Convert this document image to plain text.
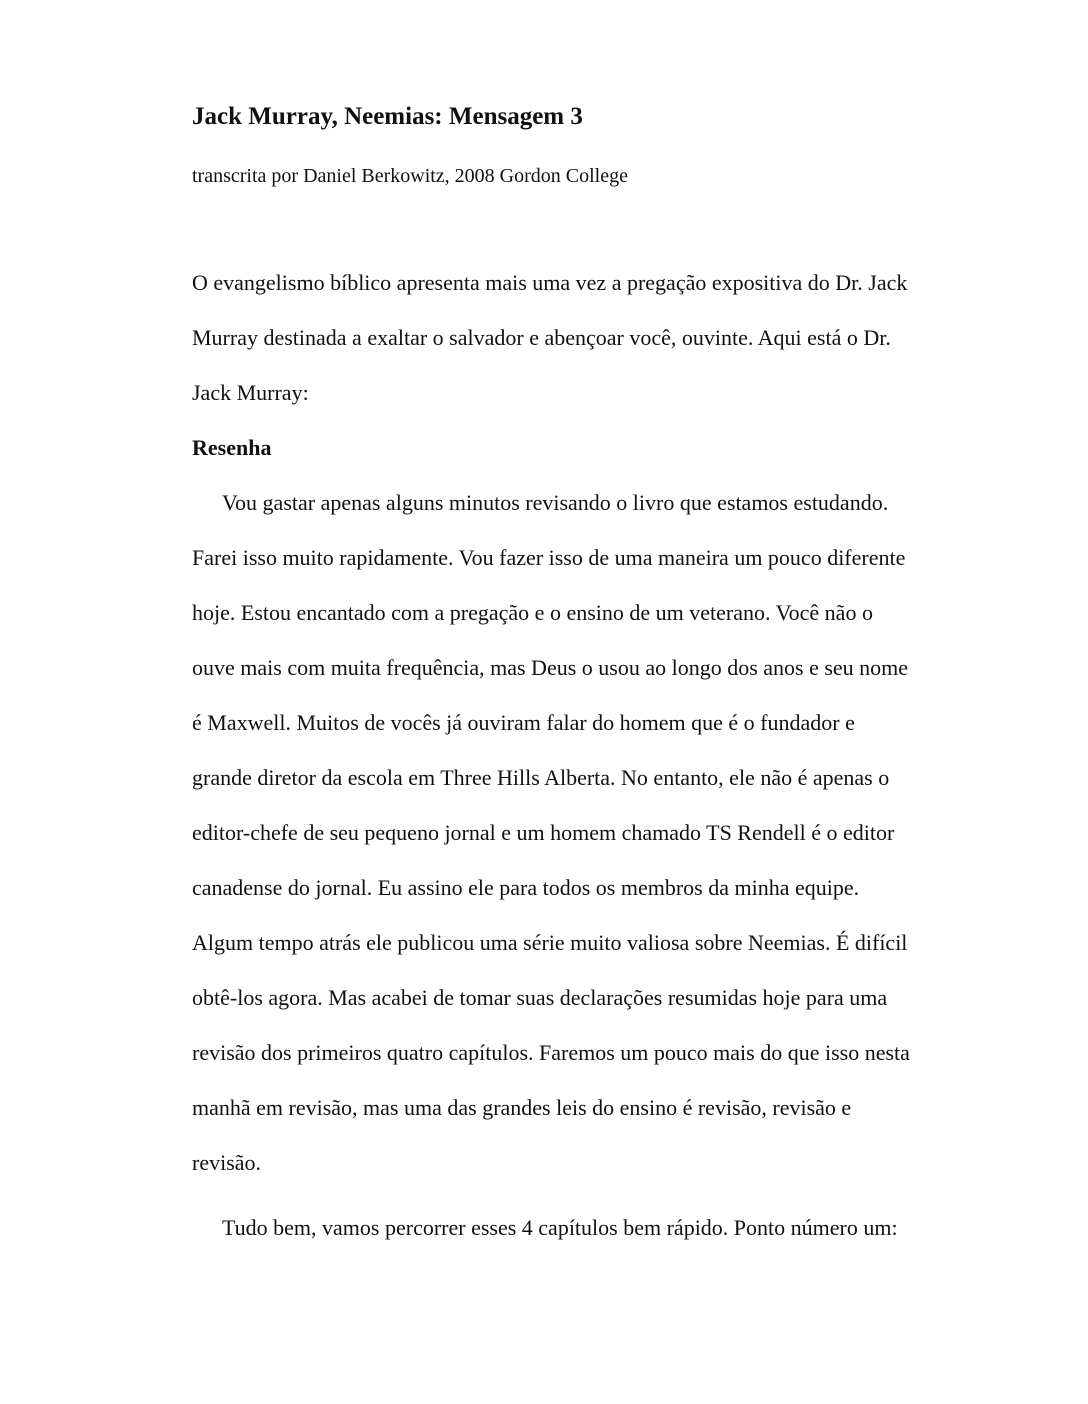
Jack Murray, Neemias: Mensagem 3
transcrita por Daniel Berkowitz, 2008 Gordon College
O evangelismo bíblico apresenta mais uma vez a pregação expositiva do Dr. Jack
Murray destinada a exaltar o salvador e abençoar você, ouvinte. Aqui está o Dr.
Jack Murray:
Resenha
Vou gastar apenas alguns minutos revisando o livro que estamos estudando.
Farei isso muito rapidamente. Vou fazer isso de uma maneira um pouco diferente
hoje. Estou encantado com a pregação e o ensino de um veterano. Você não o
ouve mais com muita frequência, mas Deus o usou ao longo dos anos e seu nome
é Maxwell. Muitos de vocês já ouviram falar do homem que é o fundador e
grande diretor da escola em Three Hills Alberta. No entanto, ele não é apenas o
editor-chefe de seu pequeno jornal e um homem chamado TS Rendell é o editor
canadense do jornal. Eu assino ele para todos os membros da minha equipe.
Algum tempo atrás ele publicou uma série muito valiosa sobre Neemias. É difícil
obtê-los agora. Mas acabei de tomar suas declarações resumidas hoje para uma
revisão dos primeiros quatro capítulos. Faremos um pouco mais do que isso nesta
manhã em revisão, mas uma das grandes leis do ensino é revisão, revisão e
revisão.
Tudo bem, vamos percorrer esses 4 capítulos bem rápido. Ponto número um:
